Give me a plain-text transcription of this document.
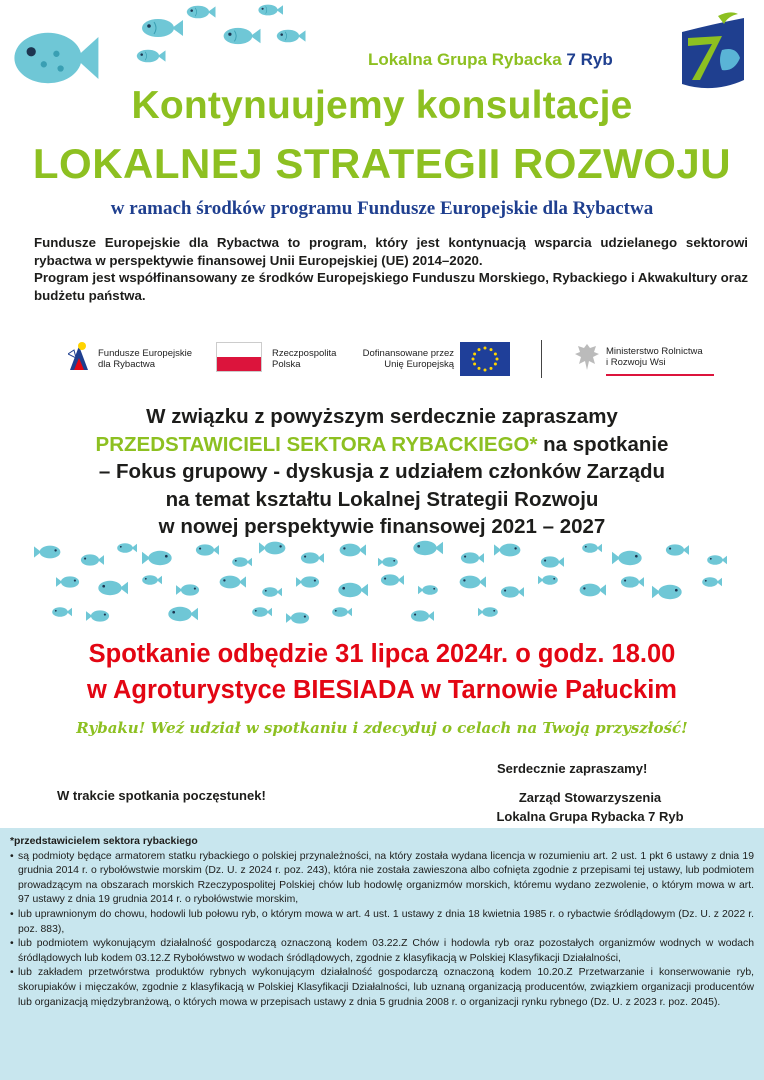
Lokalna Grupa Rybacka 7 Ryb
Kontynuujemy konsultacje
LOKALNEJ STRATEGII ROZWOJU
w ramach środków programu Fundusze Europejskie dla Rybactwa

Fundusze Europejskie dla Rybactwa to program, który jest kontynuacją wsparcia udzielanego sektorowi rybactwa w perspektywie finansowej Unii Europejskiej (UE) 2014–2020.

Program jest współfinansowany ze środków Europejskiego Funduszu Morskiego, Rybackiego i Akwakultury oraz budżetu państwa.

Fundusze Europejskie
dla Rybactwa
Rzeczpospolita
Polska
Dofinansowane przez
Unię Europejską
Ministerstwo Rolnictwa
i Rozwoju Wsi
W związku z powyższym serdecznie zapraszamy
PRZEDSTAWICIELI SEKTORA RYBACKIEGO* na spotkanie
– Fokus grupowy - dyskusja z udziałem członków Zarządu
na temat kształtu Lokalnej Strategii Rozwoju
w nowej perspektywie finansowej 2021 – 2027
Spotkanie odbędzie 31 lipca 2024r. o godz. 18.00
w Agroturystyce BIESIADA w Tarnowie Pałuckim
Rybaku! Weź udział w spotkaniu i zdecyduj o celach na Twoją przyszłość!
Serdecznie zapraszamy!
W trakcie spotkania poczęstunek!	Zarząd Stowarzyszenia
Lokalna Grupa Rybacka 7 Ryb
*przedstawicielem sektora rybackiego
• są podmioty będące armatorem statku rybackiego o polskiej przynależności, na który została wydana licencja w rozumieniu art. 2 ust. 1 pkt 6 ustawy z dnia 19 grudnia 2014 r. o rybołówstwie morskim (Dz. U. z 2024 r. poz. 243), która nie została zawieszona albo cofnięta zgodnie z przepisami tej ustawy, lub podmiotem prowadzącym na obszarach morskich Rzeczypospolitej Polskiej chów lub hodowlę organizmów morskich, któremu wydano zezwolenie, o którym mowa w art. 97 ustawy z dnia 19 grudnia 2014 r. o rybołówstwie morskim,
• lub uprawnionym do chowu, hodowli lub połowu ryb, o którym mowa w art. 4 ust. 1 ustawy z dnia 18 kwietnia 1985 r. o rybactwie śródlądowym (Dz. U. z 2022 r. poz. 883),
• lub podmiotem wykonującym działalność gospodarczą oznaczoną kodem 03.22.Z Chów i hodowla ryb oraz pozostałych organizmów wodnych w wodach śródlądowych lub kodem 03.12.Z Rybołówstwo w wodach śródlądowych, zgodnie z klasyfikacją w Polskiej Klasyfikacji Działalności,
• lub zakładem przetwórstwa produktów rybnych wykonującym działalność gospodarczą oznaczoną kodem 10.20.Z Przetwarzanie i konserwowanie ryb, skorupiaków i mięczaków, zgodnie z klasyfikacją w Polskiej Klasyfikacji Działalności, lub uznaną organizacją producentów, związkiem organizacji producentów lub organizacją międzybranżową, o których mowa w przepisach ustawy z dnia 5 grudnia 2008 r. o organizacji rynku rybnego (Dz. U. z 2023 r. poz. 2045).
